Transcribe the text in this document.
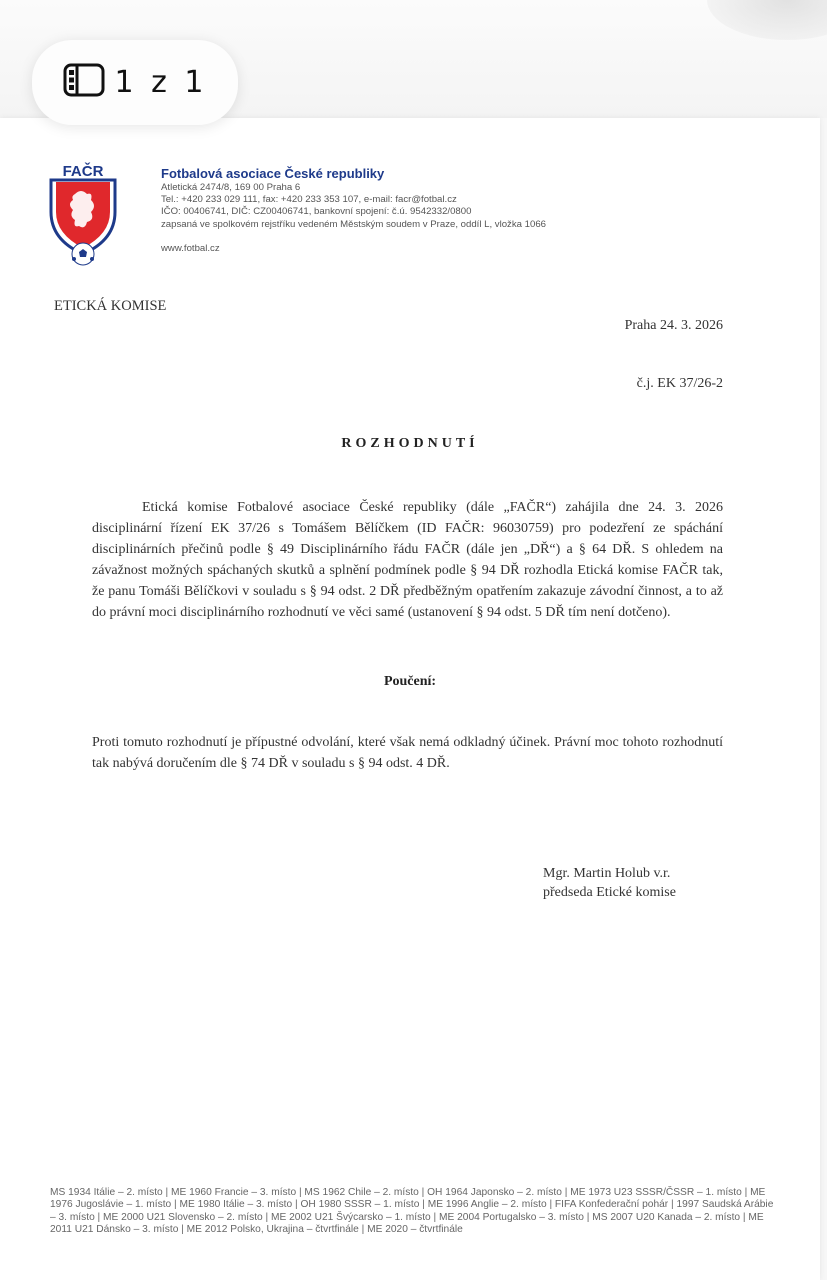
1 z 1
FAČR	Fotbalová asociace České republiky
Atletická 2474/8, 169 00 Praha 6
Tel.: +420 233 029 111, fax: +420 233 353 107, e-mail: facr@fotbal.cz
IČO: 00406741, DIČ: CZ00406741, bankovní spojení: č.ú. 9542332/0800
zapsaná ve spolkovém rejstříku vedeném Městským soudem v Praze, oddíl L, vložka 1066
www.fotbal.cz
ETICKÁ KOMISE
Praha 24. 3. 2026
č.j. EK 37/26-2
ROZHODNUTÍ
Etická komise Fotbalové asociace České republiky (dále „FAČR“) zahájila dne 24. 3. 2026 disciplinární řízení EK 37/26 s Tomášem Bělíčkem (ID FAČR: 96030759) pro podezření ze spáchání disciplinárních přečinů podle § 49 Disciplinárního řádu FAČR (dále jen „DŘ“) a § 64 DŘ. S ohledem na závažnost možných spáchaných skutků a splnění podmínek podle § 94 DŘ rozhodla Etická komise FAČR tak, že panu Tomáši Bělíčkovi v souladu s § 94 odst. 2 DŘ předběžným opatřením zakazuje závodní činnost, a to až do právní moci disciplinárního rozhodnutí ve věci samé (ustanovení § 94 odst. 5 DŘ tím není dotčeno).
Poučení:
Proti tomuto rozhodnutí je přípustné odvolání, které však nemá odkladný účinek. Právní moc tohoto rozhodnutí tak nabývá doručením dle § 74 DŘ v souladu s § 94 odst. 4 DŘ.
Mgr. Martin Holub v.r.
předseda Etické komise
MS 1934 Itálie – 2. místo | ME 1960 Francie – 3. místo | MS 1962 Chile – 2. místo | OH 1964 Japonsko – 2. místo | ME 1973 U23 SSSR/ČSSR – 1. místo | ME 1976 Jugoslávie – 1. místo | ME 1980 Itálie – 3. místo | OH 1980 SSSR – 1. místo | ME 1996 Anglie – 2. místo | FIFA Konfederační pohár | 1997 Saudská Arábie – 3. místo | ME 2000 U21 Slovensko – 2. místo | ME 2002 U21 Švýcarsko – 1. místo | ME 2004 Portugalsko – 3. místo | MS 2007 U20 Kanada – 2. místo | ME 2011 U21 Dánsko – 3. místo | ME 2012 Polsko, Ukrajina – čtvrtfinále | ME 2020 – čtvrtfinále
